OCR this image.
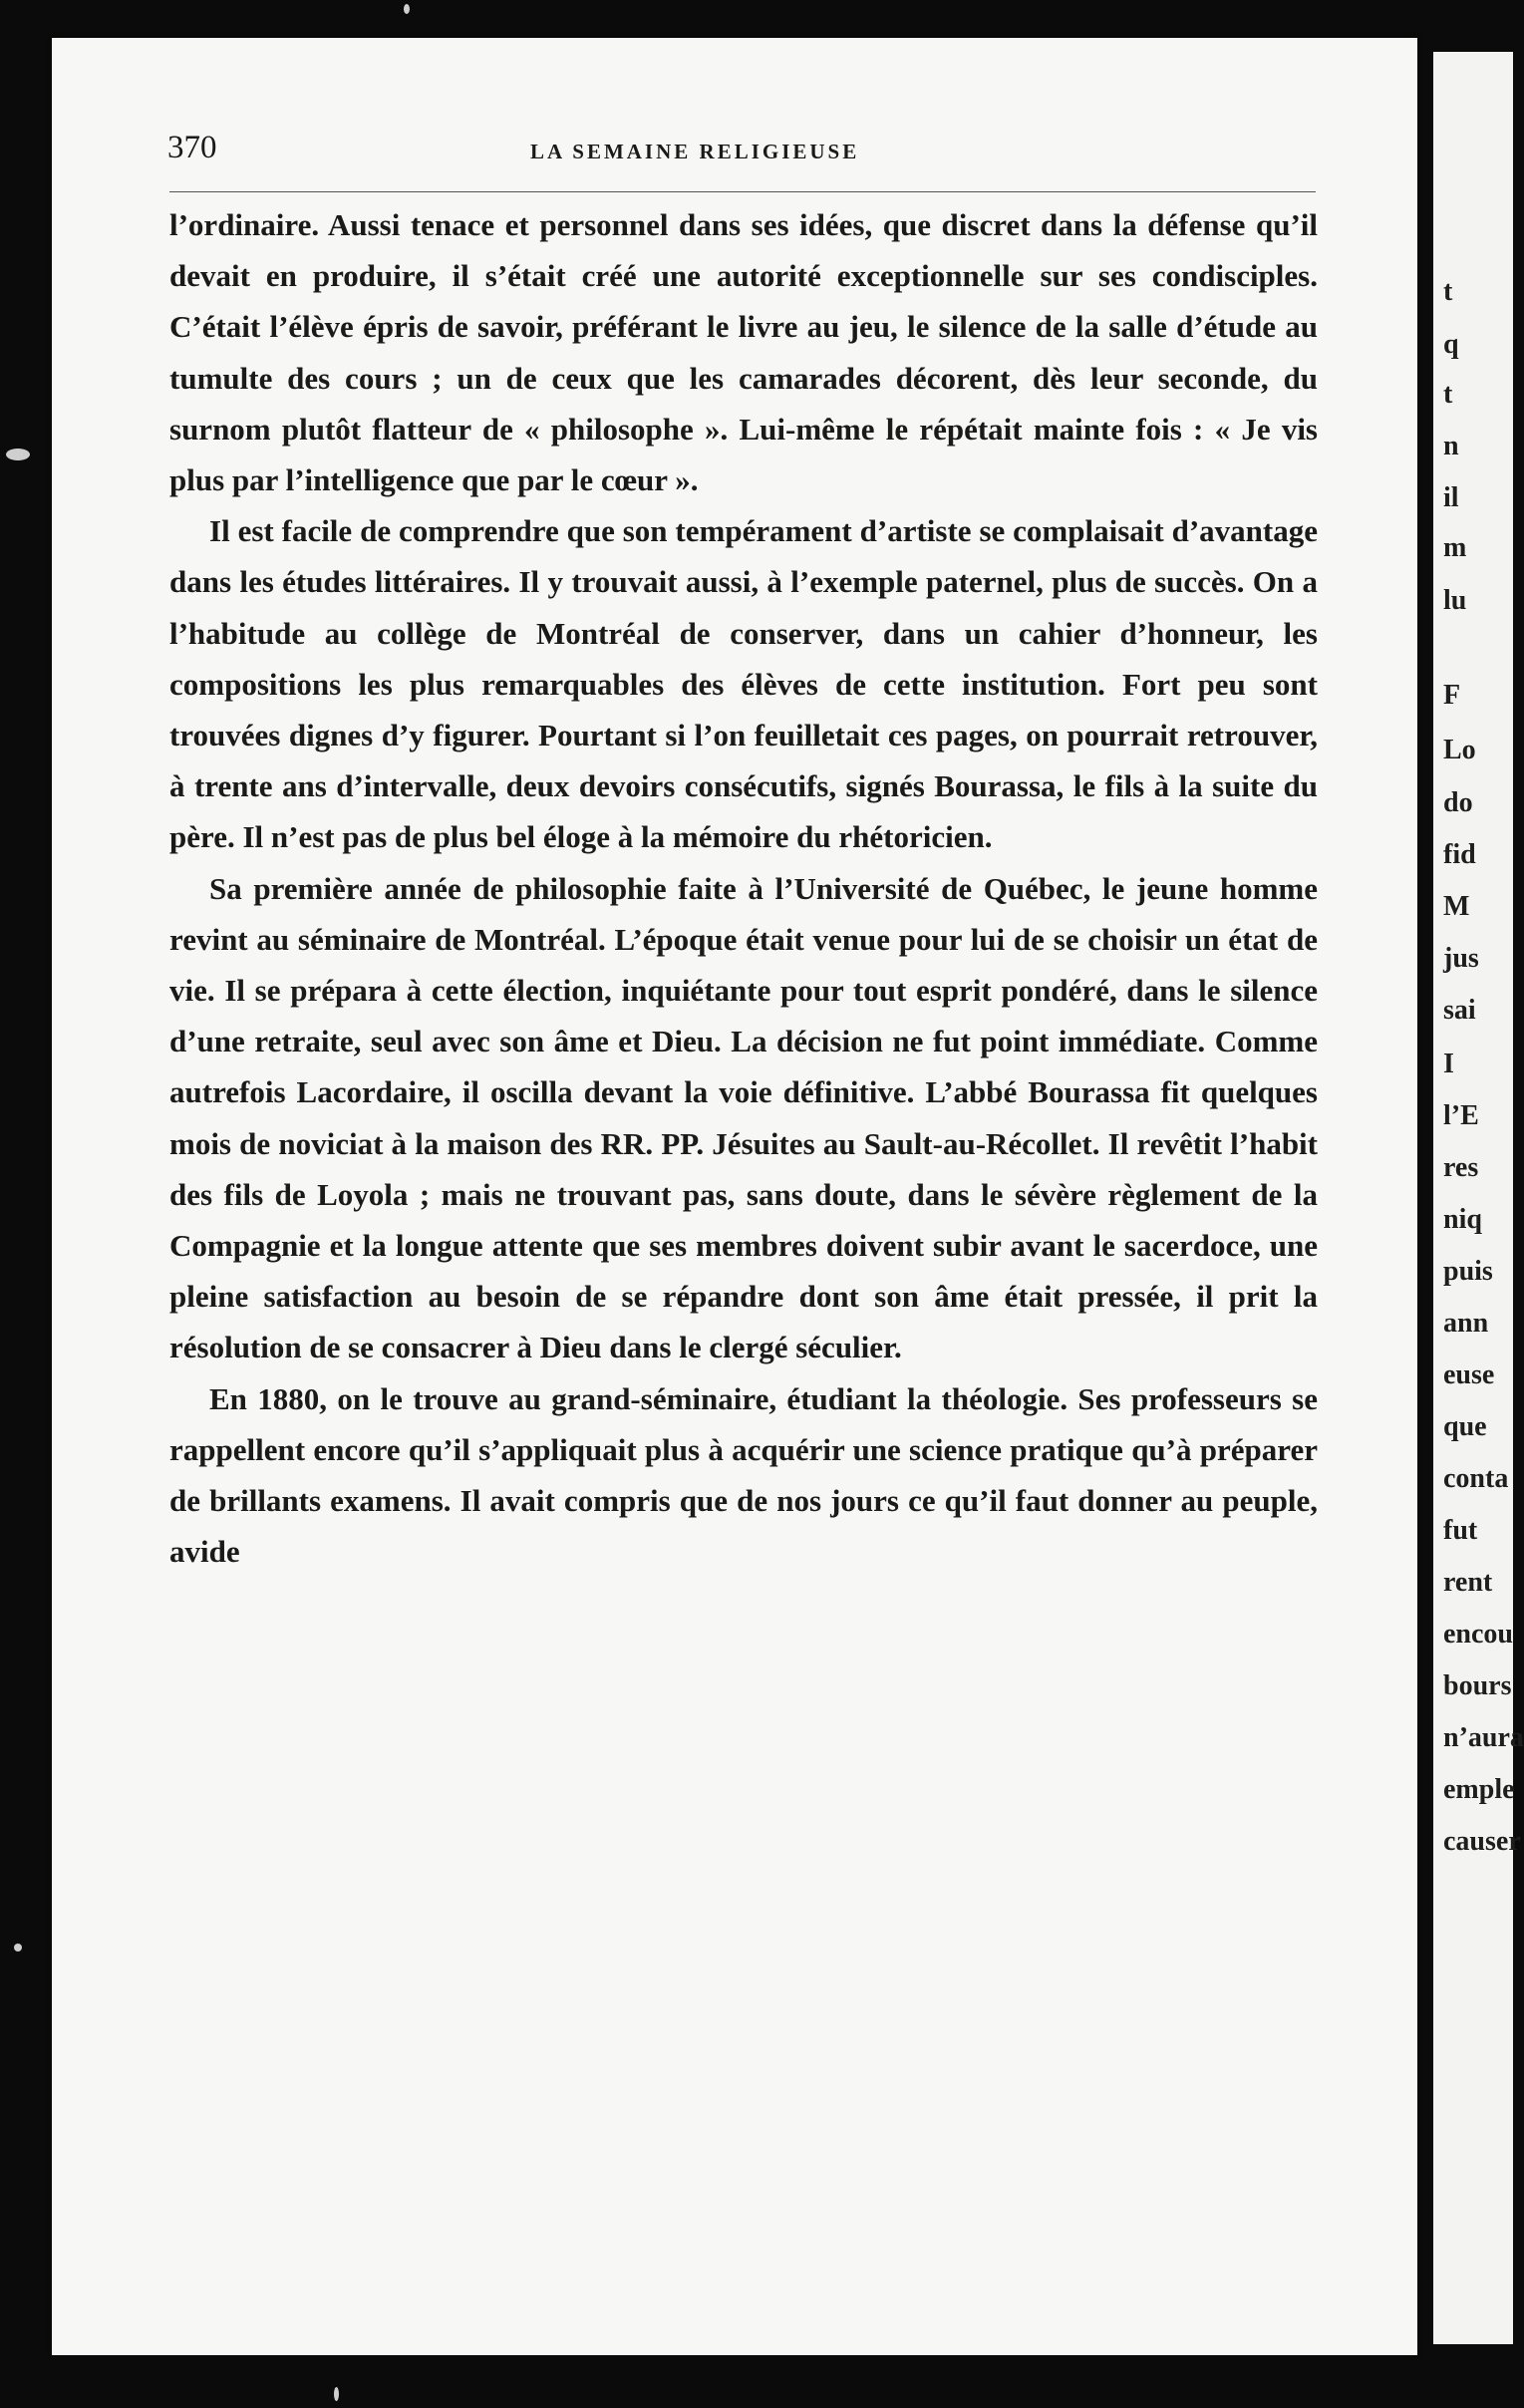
t
q
t
n
il
m
lu
F
Lo
do
fid
M
jus
sai
I
l’E
res
niq
puis
ann
euse
que
conta
fut
rent
encou
bours
n’aura
emple
causer
370	LA SEMAINE RELIGIEUSE

l’ordinaire. Aussi tenace et personnel dans ses idées, que discret dans la défense qu’il devait en produire, il s’était créé une autorité exceptionnelle sur ses condisciples. C’était l’élève épris de savoir, préférant le livre au jeu, le silence de la salle d’étude au tumulte des cours ; un de ceux que les camarades décorent, dès leur seconde, du surnom plutôt flatteur de « philosophe ». Lui-même le répétait mainte fois : « Je vis plus par l’intelligence que par le cœur ».

Il est facile de comprendre que son tempérament d’artiste se complaisait d’avantage dans les études littéraires. Il y trouvait aussi, à l’exemple paternel, plus de succès. On a l’habitude au collège de Montréal de conserver, dans un cahier d’honneur, les compositions les plus remarquables des élèves de cette institution. Fort peu sont trouvées dignes d’y figurer. Pourtant si l’on feuilletait ces pages, on pourrait retrouver, à trente ans d’intervalle, deux devoirs consécutifs, signés Bourassa, le fils à la suite du père. Il n’est pas de plus bel éloge à la mémoire du rhétoricien.

Sa première année de philosophie faite à l’Université de Québec, le jeune homme revint au séminaire de Montréal. L’époque était venue pour lui de se choisir un état de vie. Il se prépara à cette élection, inquiétante pour tout esprit pondéré, dans le silence d’une retraite, seul avec son âme et Dieu. La décision ne fut point immédiate. Comme autrefois Lacordaire, il oscilla devant la voie définitive. L’abbé Bourassa fit quelques mois de noviciat à la maison des RR. PP. Jésuites au Sault-au-Récollet. Il revêtit l’habit des fils de Loyola ; mais ne trouvant pas, sans doute, dans le sévère règlement de la Compagnie et la longue attente que ses membres doivent subir avant le sacerdoce, une pleine satisfaction au besoin de se répandre dont son âme était pressée, il prit la résolution de se consacrer à Dieu dans le clergé séculier.

En 1880, on le trouve au grand-séminaire, étudiant la théologie. Ses professeurs se rappellent encore qu’il s’appliquait plus à acquérir une science pratique qu’à préparer de brillants examens. Il avait compris que de nos jours ce qu’il faut donner au peuple, avide
